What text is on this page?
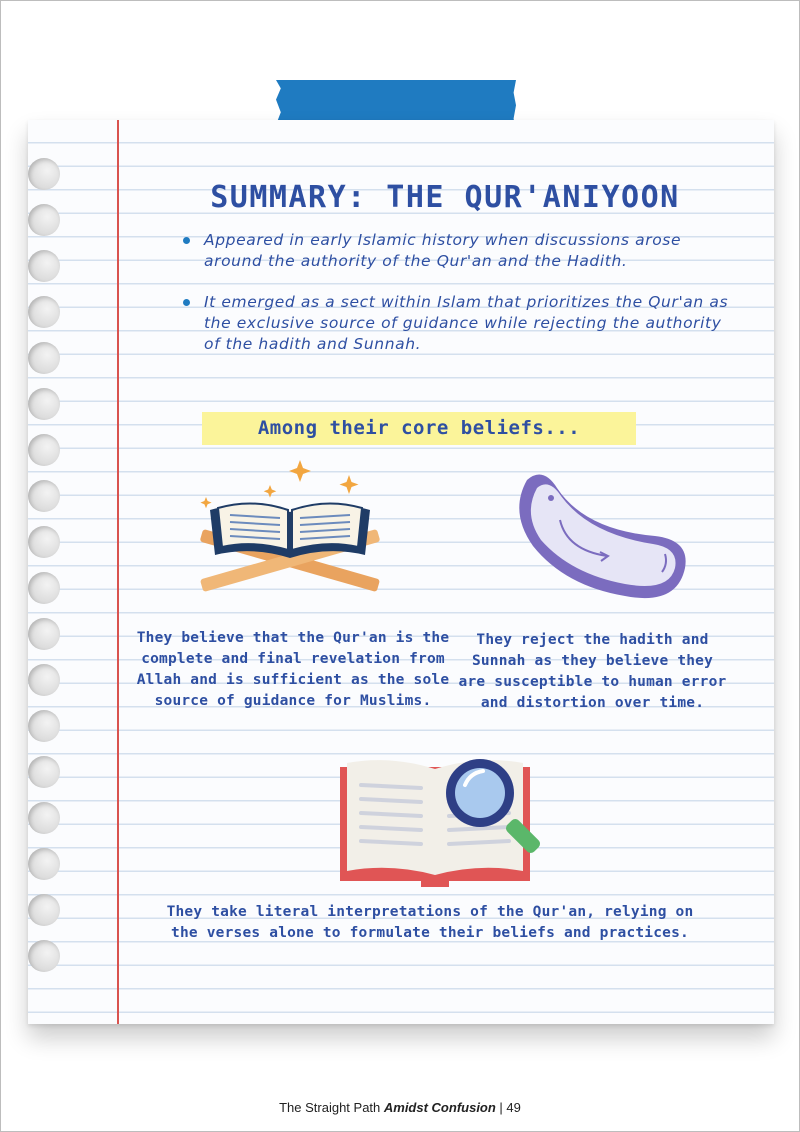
SUMMARY: THE QUR'ANIYOON
Appeared in early Islamic history when discussions arose around the authority of the Qur'an and the Hadith.
It emerged as a sect within Islam that prioritizes the Qur'an as the exclusive source of guidance while rejecting the authority of the hadith and Sunnah.
Among their core beliefs...
They believe that the Qur'an is the complete and final revelation from Allah and is sufficient as the sole source of guidance for Muslims.
They reject the hadith and Sunnah as they believe they are susceptible to human error and distortion over time.
They take literal interpretations of the Qur'an, relying on the verses alone to formulate their beliefs and practices.
The Straight Path Amidst Confusion | 49
